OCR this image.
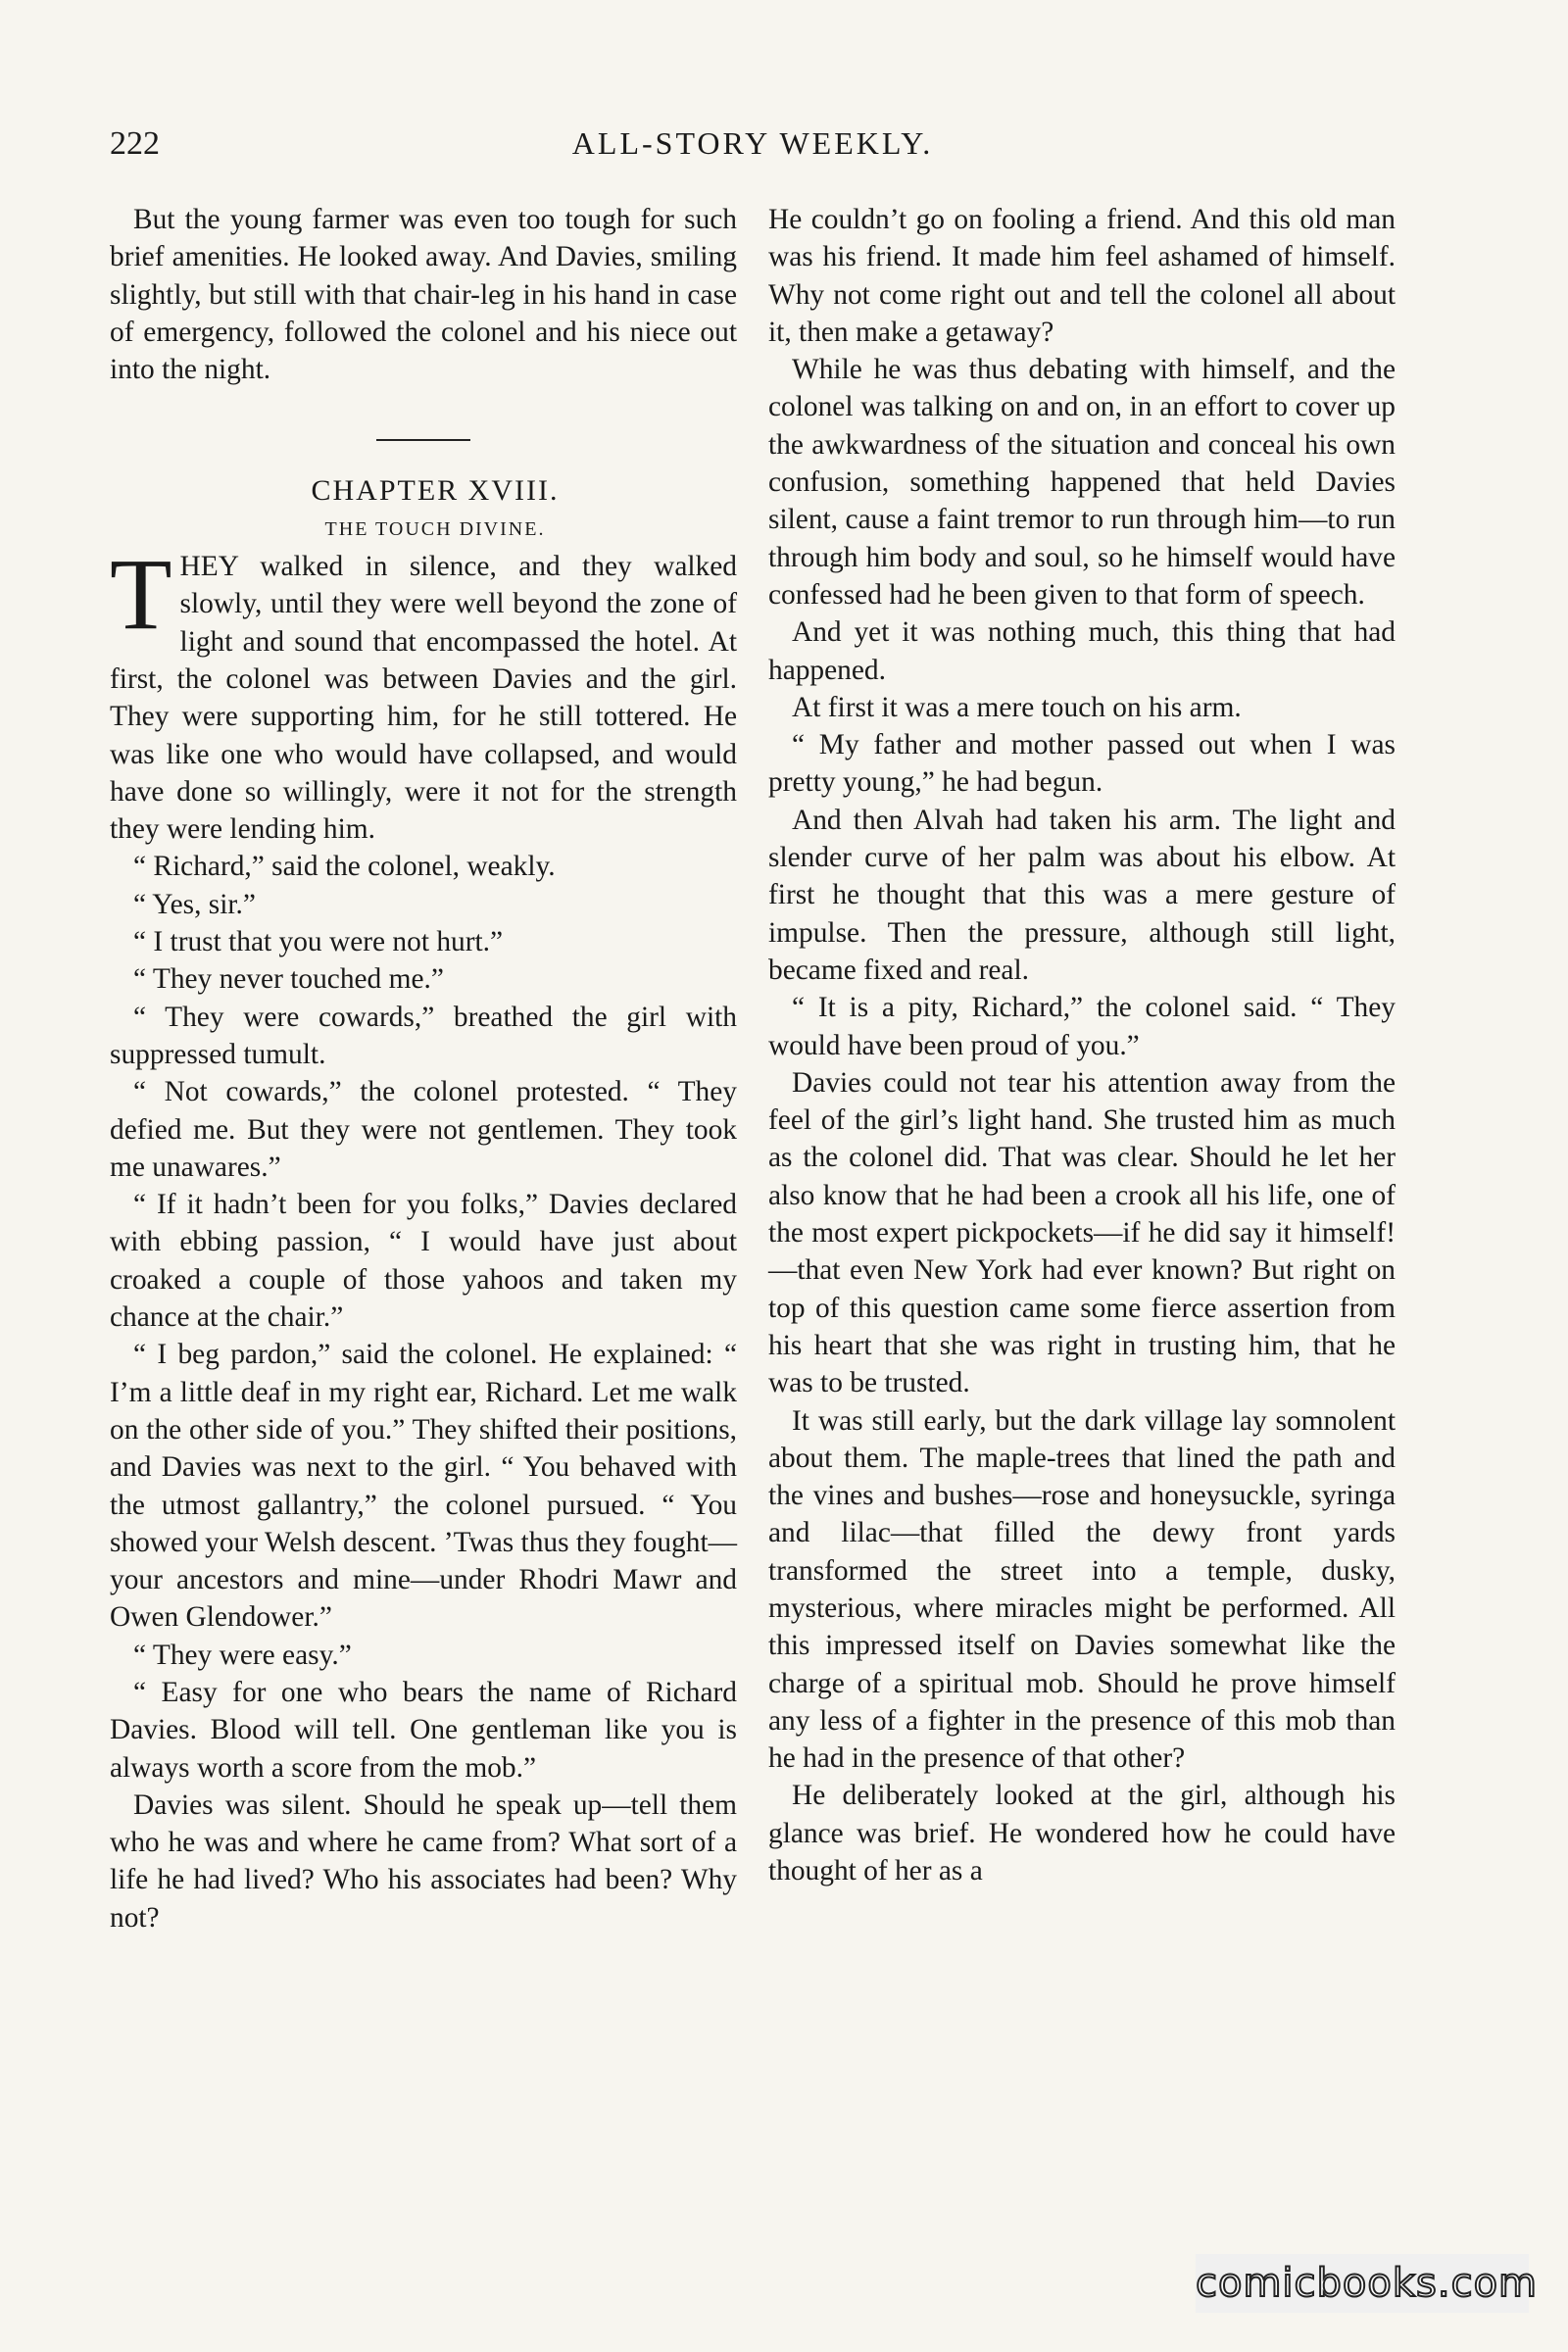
222	ALL-STORY WEEKLY.

But the young farmer was even too tough for such brief amenities. He looked away. And Davies, smiling slightly, but still with that chair-leg in his hand in case of emergency, followed the colonel and his niece out into the night.

CHAPTER XVIII.

THE TOUCH DIVINE.

THEY walked in silence, and they walked slowly, until they were well beyond the zone of light and sound that encompassed the hotel. At first, the colonel was between Davies and the girl. They were supporting him, for he still tottered. He was like one who would have collapsed, and would have done so willingly, were it not for the strength they were lending him.

“ Richard,” said the colonel, weakly.

“ Yes, sir.”

“ I trust that you were not hurt.”

“ They never touched me.”

“ They were cowards,” breathed the girl with suppressed tumult.

“ Not cowards,” the colonel protested. “ They defied me. But they were not gentlemen. They took me unawares.”

“ If it hadn’t been for you folks,” Davies declared with ebbing passion, “ I would have just about croaked a couple of those yahoos and taken my chance at the chair.”

“ I beg pardon,” said the colonel. He explained: “ I’m a little deaf in my right ear, Richard. Let me walk on the other side of you.” They shifted their positions, and Davies was next to the girl. “ You behaved with the utmost gallantry,” the colonel pursued. “ You showed your Welsh descent. ’Twas thus they fought—your ancestors and mine—under Rhodri Mawr and Owen Glendower.”

“ They were easy.”

“ Easy for one who bears the name of Richard Davies. Blood will tell. One gentleman like you is always worth a score from the mob.”

Davies was silent. Should he speak up—tell them who he was and where he came from? What sort of a life he had lived? Who his associates had been? Why not?

He couldn’t go on fooling a friend. And this old man was his friend. It made him feel ashamed of himself. Why not come right out and tell the colonel all about it, then make a getaway?

While he was thus debating with himself, and the colonel was talking on and on, in an effort to cover up the awkwardness of the situation and conceal his own confusion, something happened that held Davies silent, cause a faint tremor to run through him—to run through him body and soul, so he himself would have confessed had he been given to that form of speech.

And yet it was nothing much, this thing that had happened.

At first it was a mere touch on his arm.

“ My father and mother passed out when I was pretty young,” he had begun.

And then Alvah had taken his arm. The light and slender curve of her palm was about his elbow. At first he thought that this was a mere gesture of impulse. Then the pressure, although still light, became fixed and real.

“ It is a pity, Richard,” the colonel said. “ They would have been proud of you.”

Davies could not tear his attention away from the feel of the girl’s light hand. She trusted him as much as the colonel did. That was clear. Should he let her also know that he had been a crook all his life, one of the most expert pickpockets—if he did say it himself!—that even New York had ever known? But right on top of this question came some fierce assertion from his heart that she was right in trusting him, that he was to be trusted.

It was still early, but the dark village lay somnolent about them. The maple-trees that lined the path and the vines and bushes—rose and honeysuckle, syringa and lilac—that filled the dewy front yards transformed the street into a temple, dusky, mysterious, where miracles might be performed. All this impressed itself on Davies somewhat like the charge of a spiritual mob. Should he prove himself any less of a fighter in the presence of this mob than he had in the presence of that other?

He deliberately looked at the girl, although his glance was brief. He wondered how he could have thought of her as a

comicbooks.com
